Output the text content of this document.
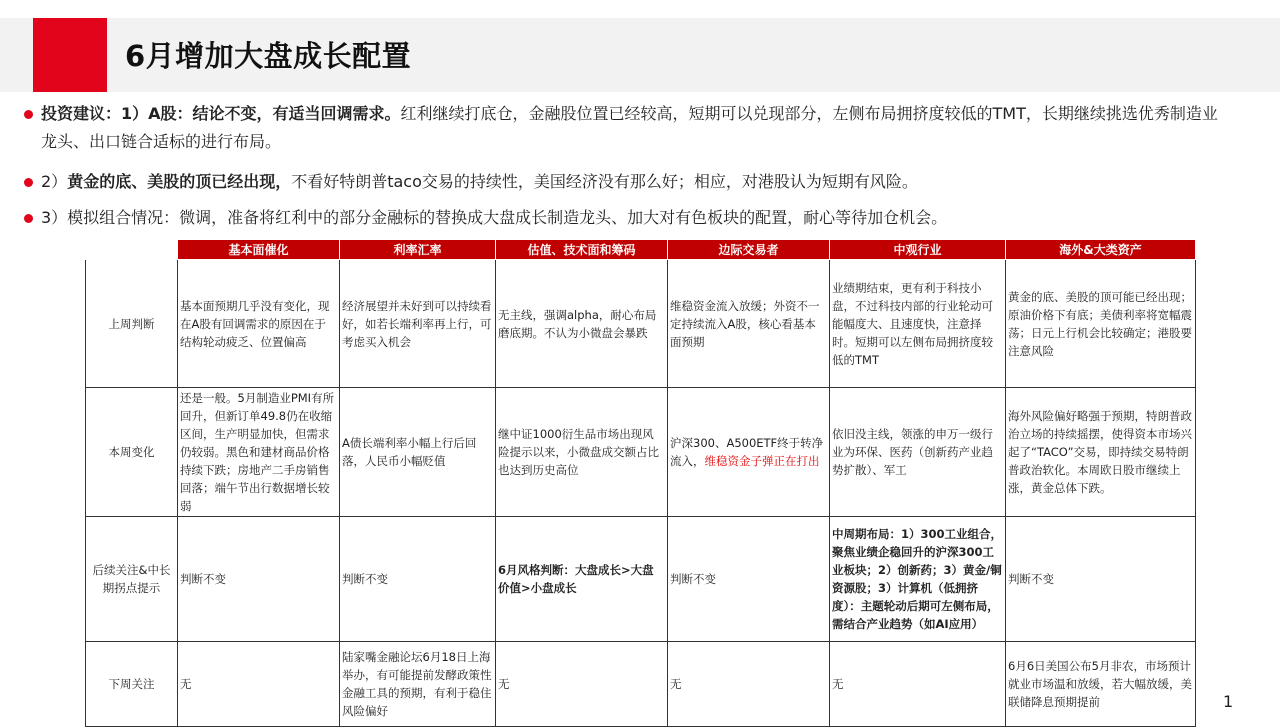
6月增加大盘成长配置
投资建议：1）A股：结论不变，有适当回调需求。红利继续打底仓，金融股位置已经较高，短期可以兑现部分，左侧布局拥挤度较低的TMT，长期继续挑选优秀制造业龙头、出口链合适标的进行布局。
2）黄金的底、美股的顶已经出现，不看好特朗普taco交易的持续性，美国经济没有那么好；相应，对港股认为短期有风险。
3）模拟组合情况：微调，准备将红利中的部分金融标的替换成大盘成长制造龙头、加大对有色板块的配置，耐心等待加仓机会。
	基本面催化	利率汇率	估值、技术面和筹码	边际交易者	中观行业	海外&大类资产
上周判断	基本面预期几乎没有变化，现在A股有回调需求的原因在于结构轮动疲乏、位置偏高	经济展望并未好到可以持续看好，如若长端利率再上行，可考虑买入机会	无主线，强调alpha，耐心布局磨底期。不认为小微盘会暴跌	维稳资金流入放缓；外资不一定持续流入A股，核心看基本面预期	业绩期结束，更有利于科技小盘，不过科技内部的行业轮动可能幅度大、且速度快，注意择时。短期可以左侧布局拥挤度较低的TMT	黄金的底、美股的顶可能已经出现；原油价格下有底；美债利率将宽幅震荡；日元上行机会比较确定；港股要注意风险
本周变化	还是一般。5月制造业PMI有所回升，但新订单49.8仍在收缩区间，生产明显加快，但需求仍较弱。黑色和建材商品价格持续下跌；房地产二手房销售回落；端午节出行数据增长较弱	A债长端利率小幅上行后回落，人民币小幅贬值	继中证1000衍生品市场出现风险提示以来，小微盘成交额占比也达到历史高位	沪深300、A500ETF终于转净流入，维稳资金子弹正在打出	依旧没主线，领涨的申万一级行业为环保、医药（创新药产业趋势扩散）、军工	海外风险偏好略强于预期，特朗普政治立场的持续摇摆，使得资本市场兴起了“TACO”交易，即持续交易特朗普政治软化。本周欧日股市继续上涨，黄金总体下跌。
后续关注&中长期拐点提示	判断不变	判断不变	6月风格判断：大盘成长>大盘价值>小盘成长	判断不变	中周期布局：1）300工业组合，聚焦业绩企稳回升的沪深300工业板块；2）创新药；3）黄金/铜资源股；3）计算机（低拥挤度）：主题轮动后期可左侧布局，需结合产业趋势（如AI应用）	判断不变
下周关注	无	陆家嘴金融论坛6月18日上海举办，有可能提前发酵政策性金融工具的预期，有利于稳住风险偏好	无	无	无	6月6日美国公布5月非农，市场预计就业市场温和放缓，若大幅放缓，美联储降息预期提前	1
